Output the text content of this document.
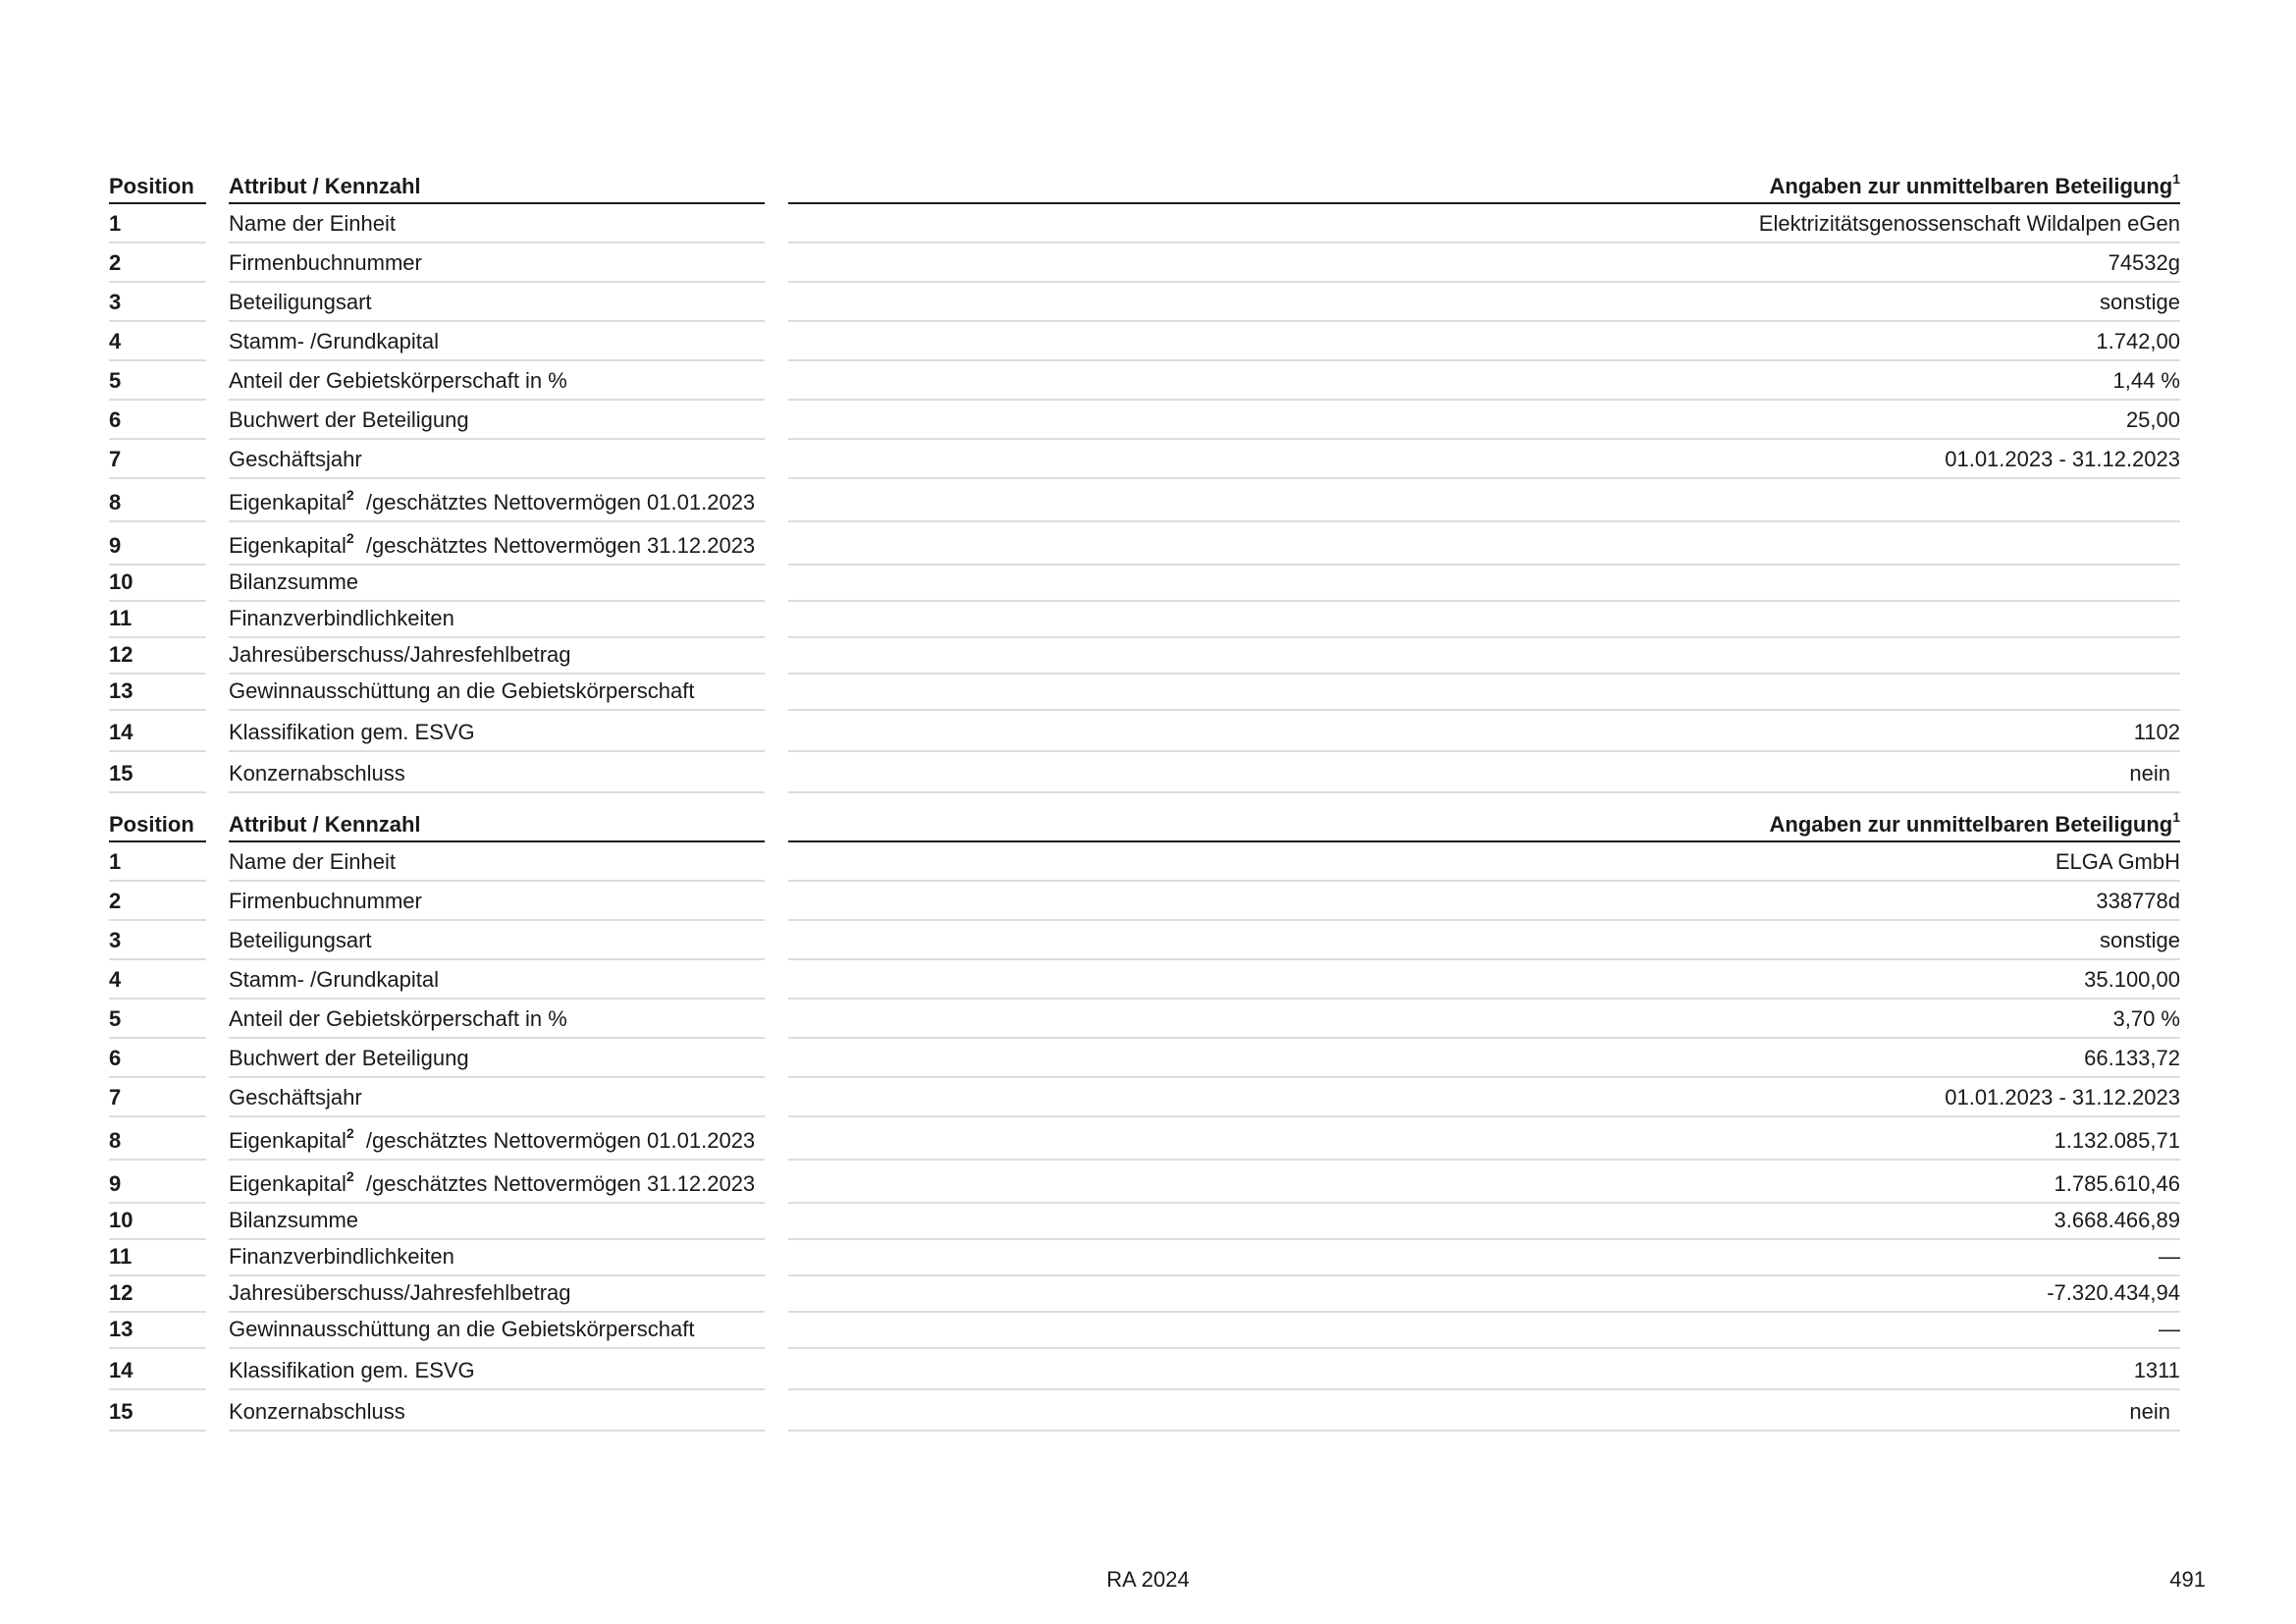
Position	Attribut / Kennzahl	Angaben zur unmittelbaren Beteiligung$^1$
1	Name der Einheit	Elektrizitätsgenossenschaft Wildalpen eGen
2	Firmenbuchnummer	74532g
3	Beteiligungsart	sonstige
4	Stamm- /Grundkapital	1.742,00
5	Anteil der Gebietskörperschaft in %	1,44 %
6	Buchwert der Beteiligung	25,00
7	Geschäftsjahr	01.01.2023 - 31.12.2023
8	Eigenkapital$^2$ /geschätztes Nettovermögen 01.01.2023
9	Eigenkapital$^2$ /geschätztes Nettovermögen 31.12.2023
10	Bilanzsumme
11	Finanzverbindlichkeiten
12	Jahresüberschuss/Jahresfehlbetrag
13	Gewinnausschüttung an die Gebietskörperschaft
14	Klassifikation gem. ESVG	1102
15	Konzernabschluss	nein
Position	Attribut / Kennzahl	Angaben zur unmittelbaren Beteiligung$^1$
1	Name der Einheit	ELGA GmbH
2	Firmenbuchnummer	338778d
3	Beteiligungsart	sonstige
4	Stamm- /Grundkapital	35.100,00
5	Anteil der Gebietskörperschaft in %	3,70 %
6	Buchwert der Beteiligung	66.133,72
7	Geschäftsjahr	01.01.2023 - 31.12.2023
8	Eigenkapital$^2$ /geschätztes Nettovermögen 01.01.2023	1.132.085,71
9	Eigenkapital$^2$ /geschätztes Nettovermögen 31.12.2023	1.785.610,46
10	Bilanzsumme	3.668.466,89
11	Finanzverbindlichkeiten	—
12	Jahresüberschuss/Jahresfehlbetrag	-7.320.434,94
13	Gewinnausschüttung an die Gebietskörperschaft	—
14	Klassifikation gem. ESVG	1311
15	Konzernabschluss	nein
RA 2024	491
